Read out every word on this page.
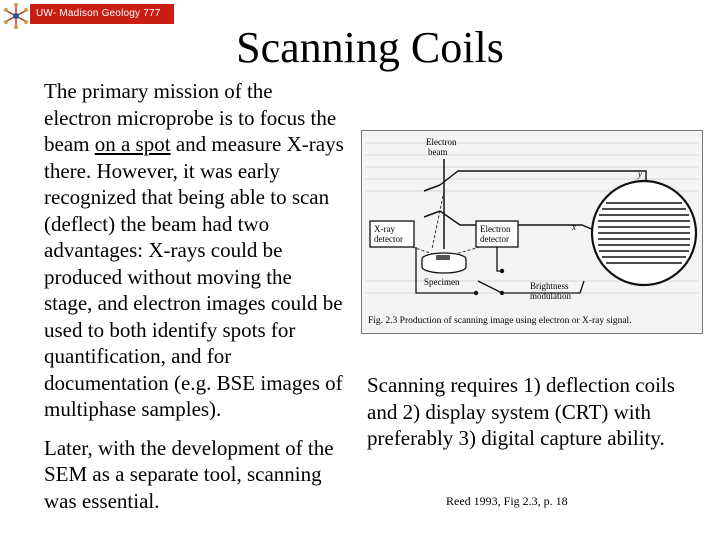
UW- Madison Geology 777
Scanning Coils

The primary mission of the electron microprobe is to focus the beam on a spot and measure X-rays there. However, it was early recognized that being able to scan (deflect) the beam had two advantages: X-rays could be produced without moving the stage, and electron images could be used to both identify spots for quantification, and for documentation (e.g. BSE images of multiphase samples).

Later, with the development of the SEM as a separate tool, scanning was essential.

Electron
beam
y
x
X-ray
detector
Electron
detector
Specimen	Brightness
modulation
Fig. 2.3 Production of scanning image using electron or X-ray signal.
Scanning requires 1) deflection coils and 2) display system (CRT) with preferably 3) digital capture ability.
Reed 1993, Fig 2.3, p. 18
